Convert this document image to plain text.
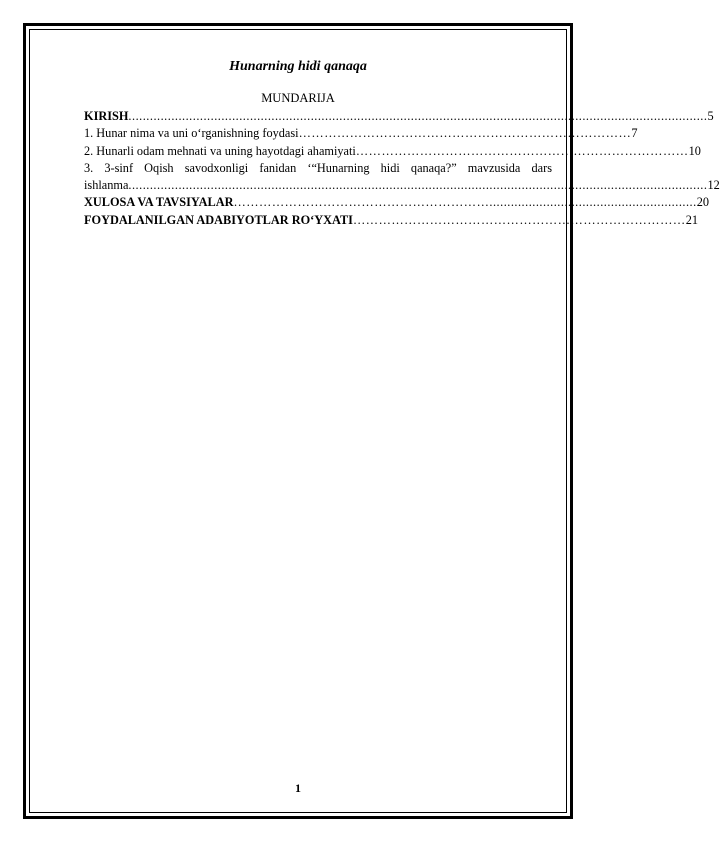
Hunarning hidi qanaqa
MUNDARIJA
KIRISH .................................................................................................................................................................. 5
1. Hunar nima va uni o‘rganishning foydasi …………………………………………………………………… 7
2. Hunarli odam mehnati va uning hayotdagi ahamiyati …………………………………………………………………… 10
3. 3-sinf Oqish savodxonligi fanidan ‘“Hunarning hidi qanaqa?” mavzusida dars
ishlanma .................................................................................................................................................................. 12
XULOSA VA TAVSIYALAR …………………………………………………….......................................................... 20
FOYDALANILGAN ADABIYOTLAR RO‘YXATI …………………………………………………………………… 21
1
